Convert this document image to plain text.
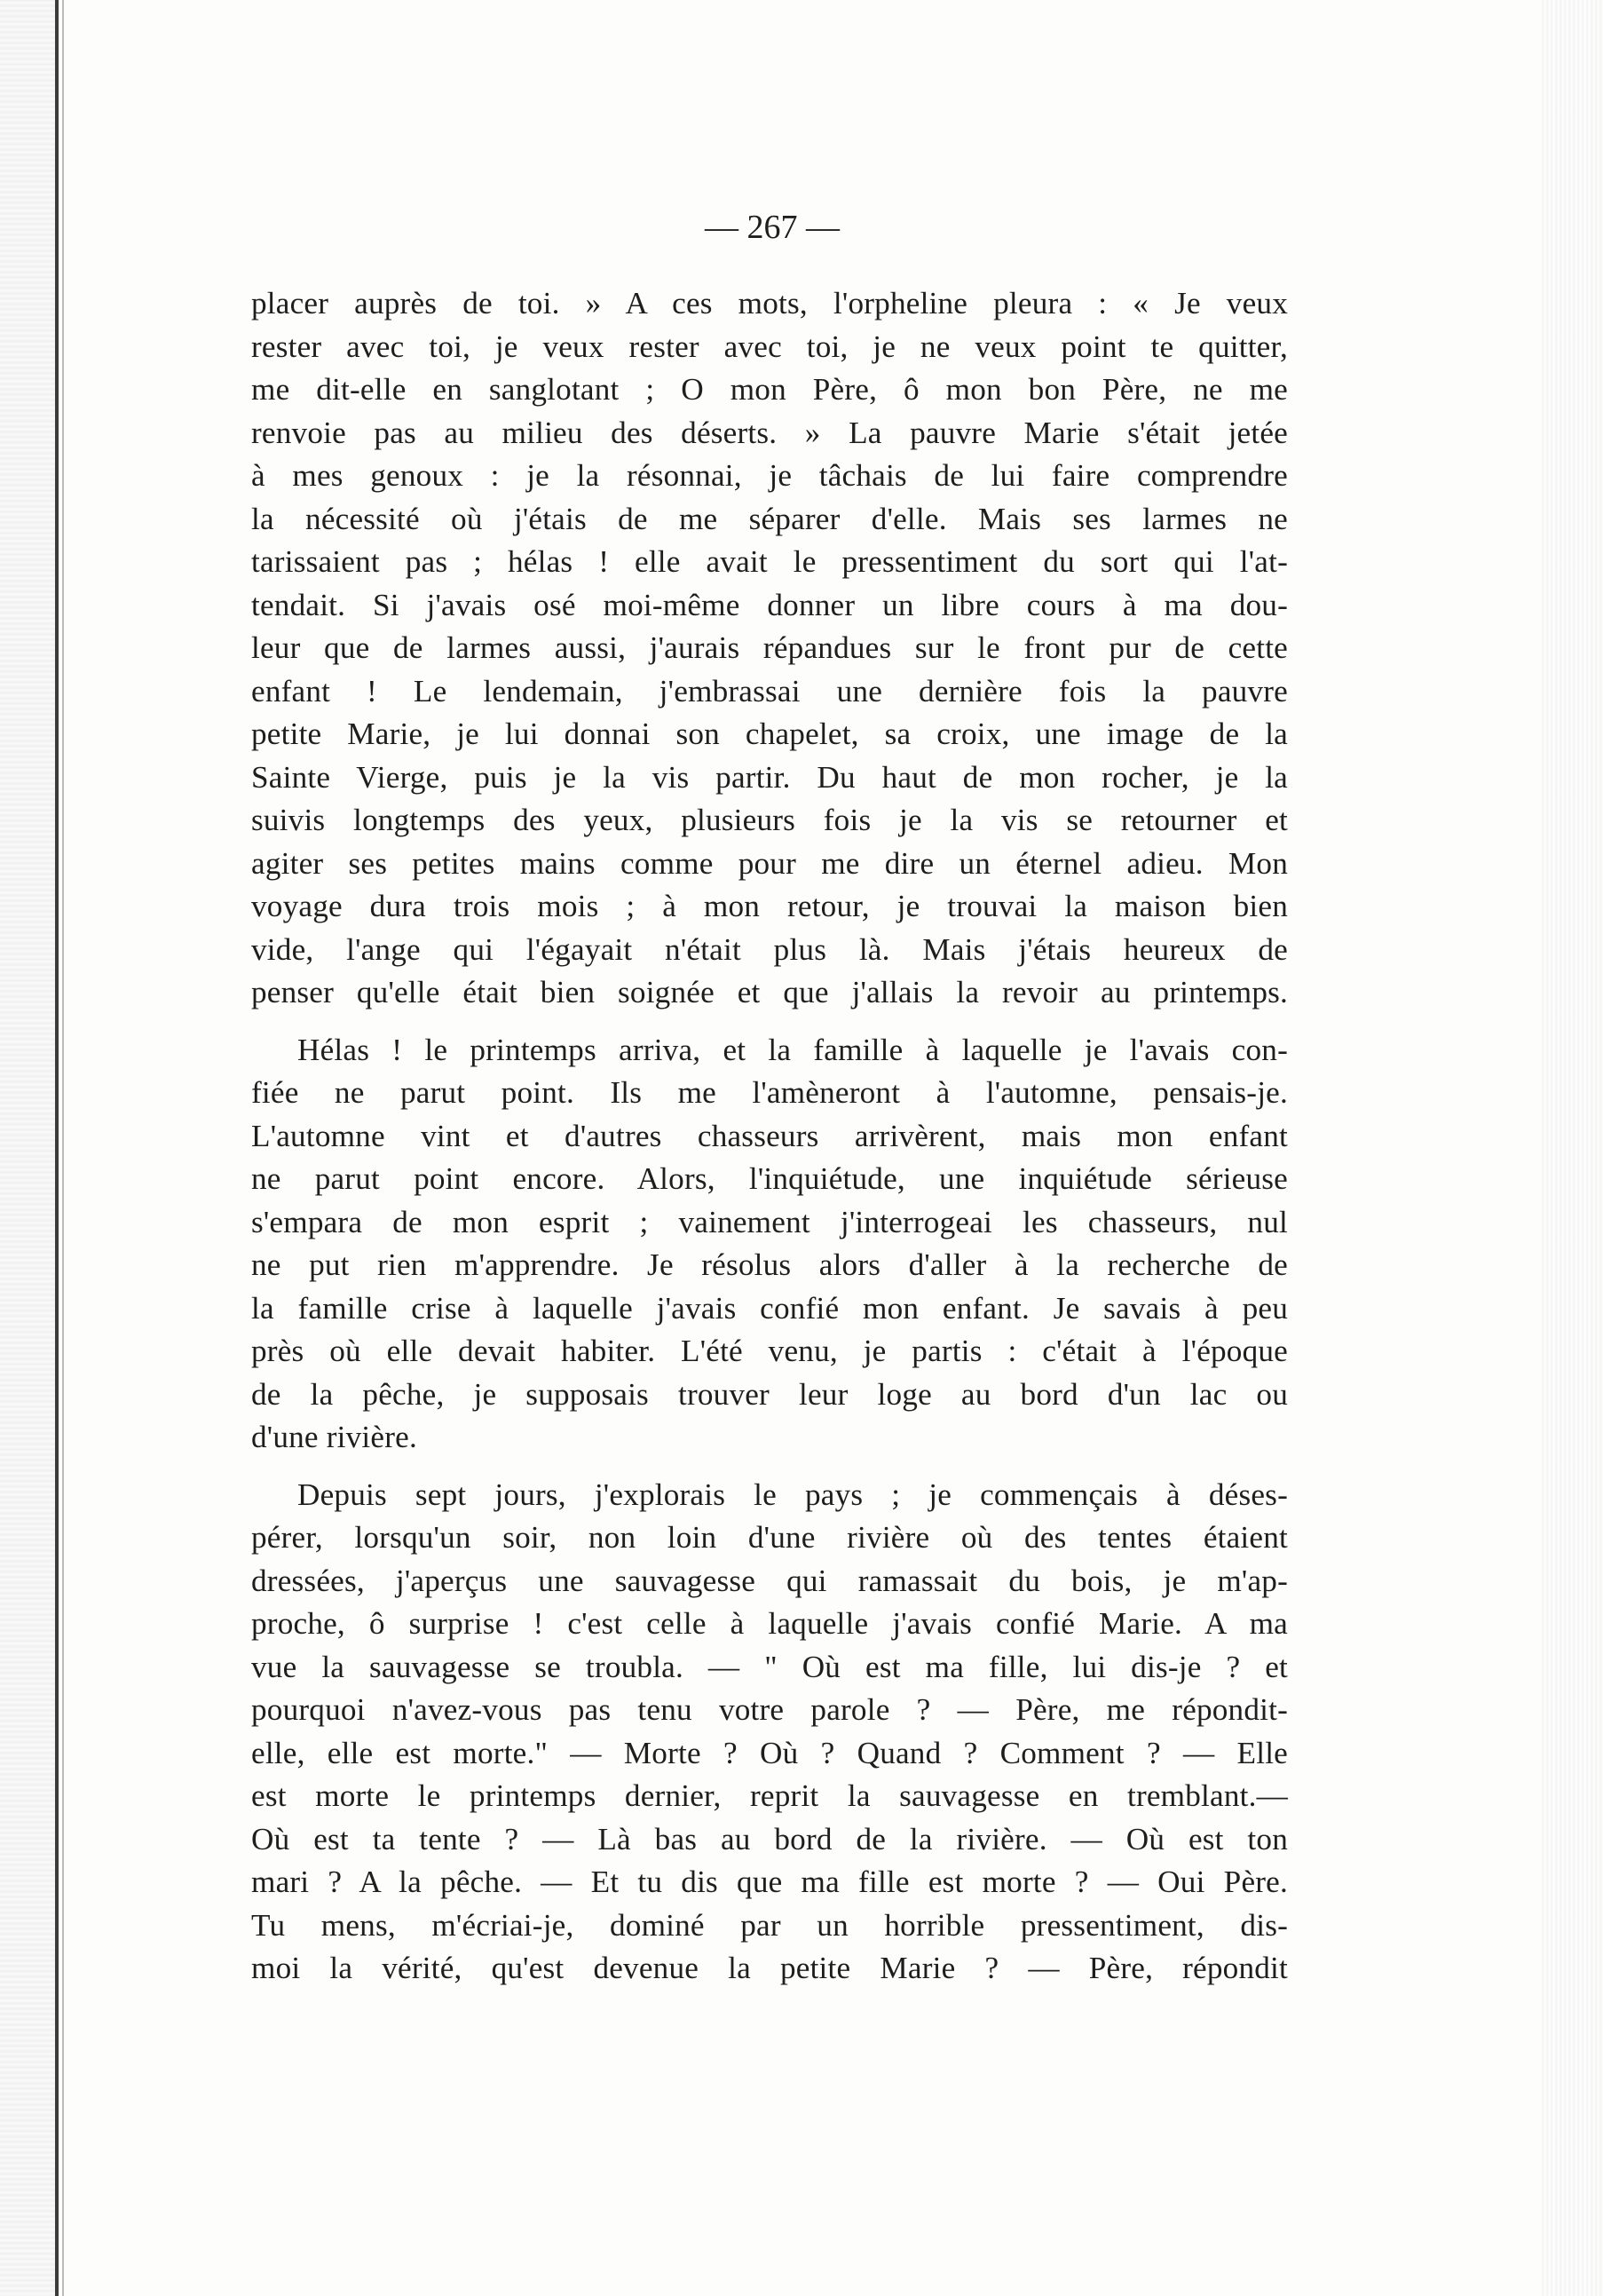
— 267 —
placer auprès de toi. » A ces mots, l'orpheline pleura : « Je veux
rester avec toi, je veux rester avec toi, je ne veux point te quitter,
me dit-elle en sanglotant ; O mon Père, ô mon bon Père, ne me
renvoie pas au milieu des déserts. » La pauvre Marie s'était jetée
à mes genoux : je la résonnai, je tâchais de lui faire comprendre
la nécessité où j'étais de me séparer d'elle. Mais ses larmes ne
tarissaient pas ; hélas ! elle avait le pressentiment du sort qui l'at-
tendait. Si j'avais osé moi-même donner un libre cours à ma dou-
leur que de larmes aussi, j'aurais répandues sur le front pur de cette
enfant ! Le lendemain, j'embrassai une dernière fois la pauvre
petite Marie, je lui donnai son chapelet, sa croix, une image de la
Sainte Vierge, puis je la vis partir. Du haut de mon rocher, je la
suivis longtemps des yeux, plusieurs fois je la vis se retourner et
agiter ses petites mains comme pour me dire un éternel adieu. Mon
voyage dura trois mois ; à mon retour, je trouvai la maison bien
vide, l'ange qui l'égayait n'était plus là. Mais j'étais heureux de
penser qu'elle était bien soignée et que j'allais la revoir au printemps.
Hélas ! le printemps arriva, et la famille à laquelle je l'avais con-
fiée ne parut point. Ils me l'amèneront à l'automne, pensais-je.
L'automne vint et d'autres chasseurs arrivèrent, mais mon enfant
ne parut point encore. Alors, l'inquiétude, une inquiétude sérieuse
s'empara de mon esprit ; vainement j'interrogeai les chasseurs, nul
ne put rien m'apprendre. Je résolus alors d'aller à la recherche de
la famille crise à laquelle j'avais confié mon enfant. Je savais à peu
près où elle devait habiter. L'été venu, je partis : c'était à l'époque
de la pêche, je supposais trouver leur loge au bord d'un lac ou
d'une rivière.
Depuis sept jours, j'explorais le pays ; je commençais à déses-
pérer, lorsqu'un soir, non loin d'une rivière où des tentes étaient
dressées, j'aperçus une sauvagesse qui ramassait du bois, je m'ap-
proche, ô surprise ! c'est celle à laquelle j'avais confié Marie. A ma
vue la sauvagesse se troubla. — " Où est ma fille, lui dis-je ? et
pourquoi n'avez-vous pas tenu votre parole ? — Père, me répondit-
elle, elle est morte." — Morte ? Où ? Quand ? Comment ? — Elle
est morte le printemps dernier, reprit la sauvagesse en tremblant.—
Où est ta tente ? — Là bas au bord de la rivière. — Où est ton
mari ? A la pêche. — Et tu dis que ma fille est morte ? — Oui Père.
Tu mens, m'écriai-je, dominé par un horrible pressentiment, dis-
moi la vérité, qu'est devenue la petite Marie ? — Père, répondit
